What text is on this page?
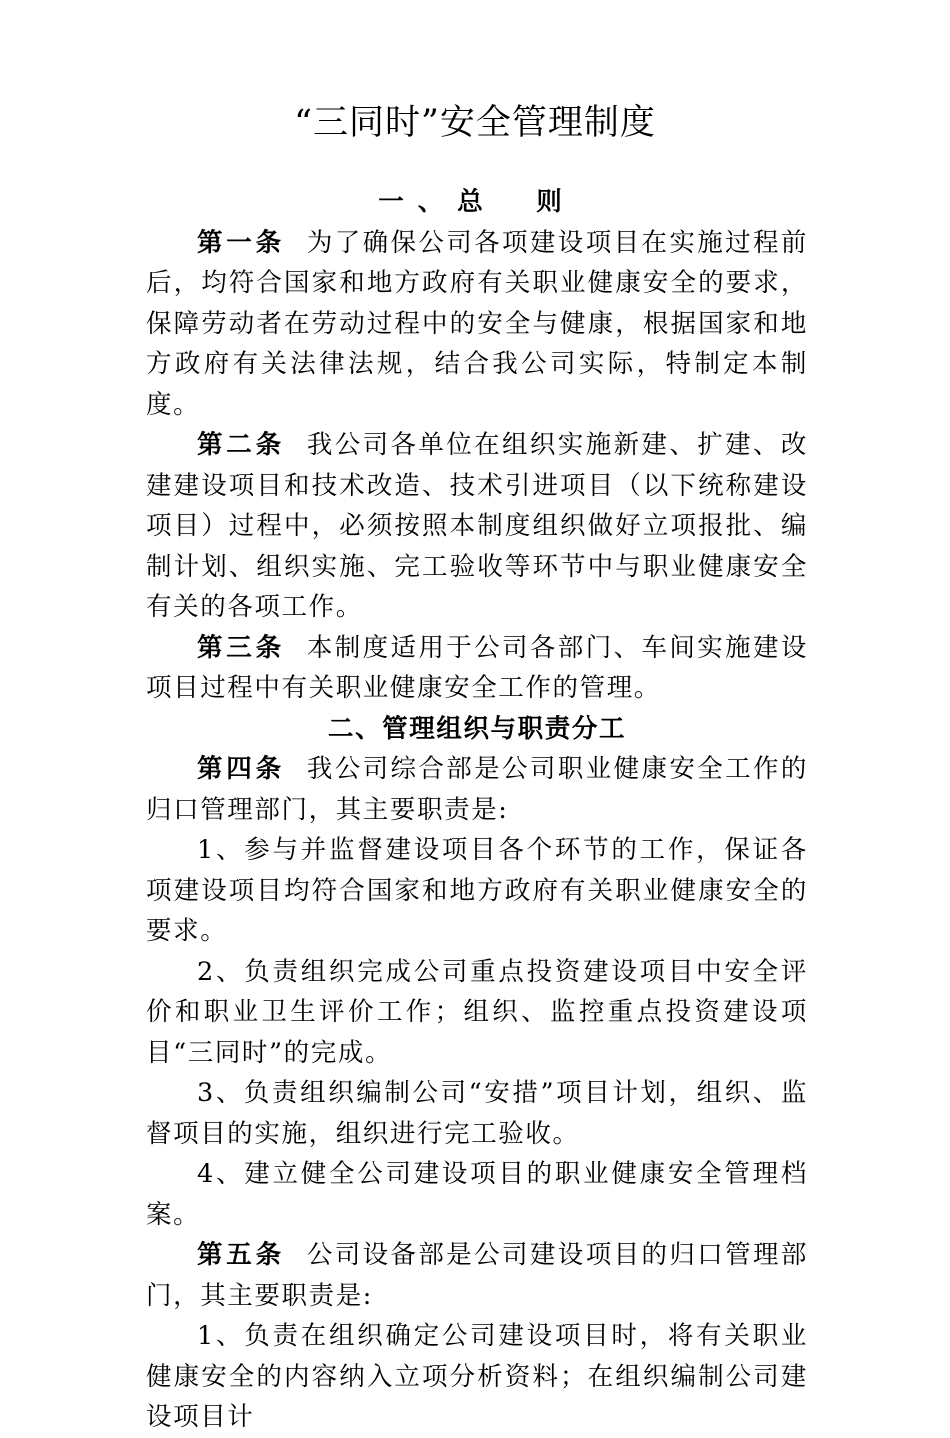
“三同时”安全管理制度
一、总　则
第一条 为了确保公司各项建设项目在实施过程前后，均符合国家和地方政府有关职业健康安全的要求，保障劳动者在劳动过程中的安全与健康，根据国家和地方政府有关法律法规，结合我公司实际，特制定本制度。
第二条 我公司各单位在组织实施新建、扩建、改建建设项目和技术改造、技术引进项目（以下统称建设项目）过程中，必须按照本制度组织做好立项报批、编制计划、组织实施、完工验收等环节中与职业健康安全有关的各项工作。
第三条 本制度适用于公司各部门、车间实施建设项目过程中有关职业健康安全工作的管理。
二、管理组织与职责分工
第四条 我公司综合部是公司职业健康安全工作的归口管理部门，其主要职责是:
1、参与并监督建设项目各个环节的工作，保证各项建设项目均符合国家和地方政府有关职业健康安全的要求。
2、负责组织完成公司重点投资建设项目中安全评价和职业卫生评价工作；组织、监控重点投资建设项目“三同时”的完成。
3、负责组织编制公司“安措”项目计划，组织、监督项目的实施，组织进行完工验收。
4、建立健全公司建设项目的职业健康安全管理档案。
第五条 公司设备部是公司建设项目的归口管理部门，其主要职责是:
1、负责在组织确定公司建设项目时，将有关职业健康安全的内容纳入立项分析资料；在组织编制公司建设项目计
